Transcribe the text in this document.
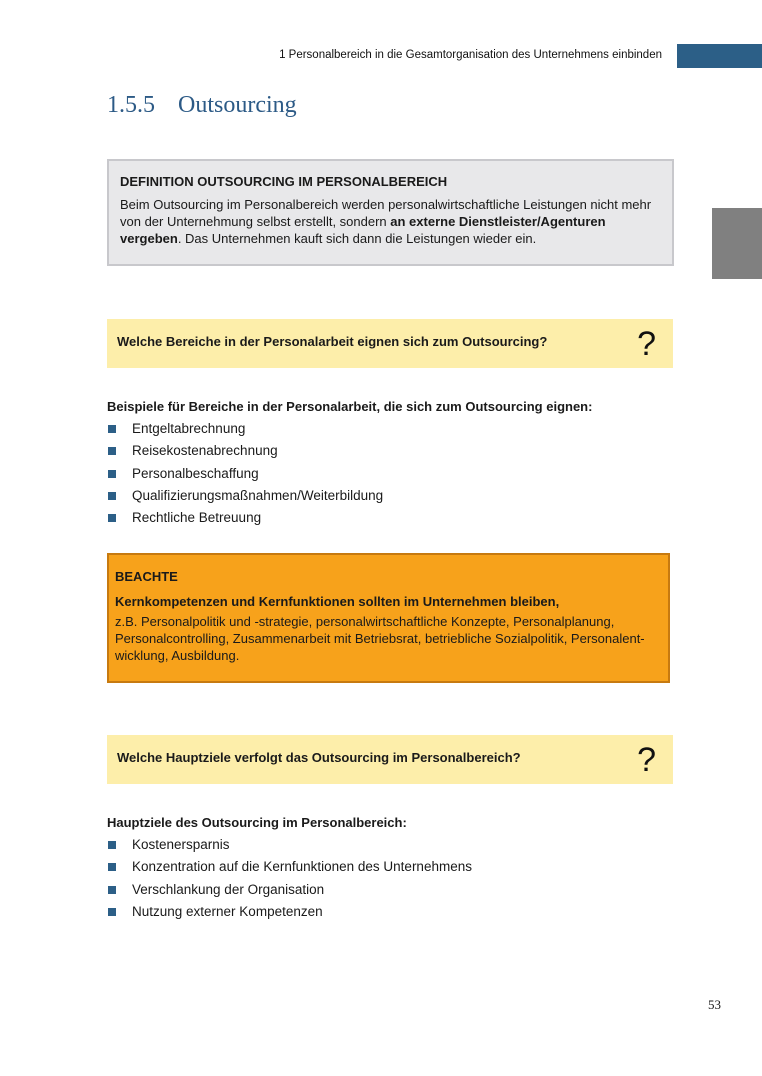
1 Personalbereich in die Gesamtorganisation des Unternehmens einbinden
1.5.5 Outsourcing
DEFINITION OUTSOURCING IM PERSONALBEREICH
Beim Outsourcing im Personalbereich werden personalwirtschaftliche Leistungen nicht mehr von der Unternehmung selbst erstellt, sondern an externe Dienstleister/Agenturen vergeben. Das Unternehmen kauft sich dann die Leistungen wieder ein.
Welche Bereiche in der Personalarbeit eignen sich zum Outsourcing?	?
Beispiele für Bereiche in der Personalarbeit, die sich zum Outsourcing eignen:
Entgeltabrechnung
Reisekostenabrechnung
Personalbeschaffung
Qualifizierungsmaßnahmen/Weiterbildung
Rechtliche Betreuung
BEACHTE
Kernkompetenzen und Kernfunktionen sollten im Unternehmen bleiben,
z.B. Personalpolitik und -strategie, personalwirtschaftliche Konzepte, Personalplanung, Personalcontrolling, Zusammenarbeit mit Betriebsrat, betriebliche Sozialpolitik, Personalent-wicklung, Ausbildung.
Welche Hauptziele verfolgt das Outsourcing im Personalbereich?	?
Hauptziele des Outsourcing im Personalbereich:
Kostenersparnis
Konzentration auf die Kernfunktionen des Unternehmens
Verschlankung der Organisation
Nutzung externer Kompetenzen
53
